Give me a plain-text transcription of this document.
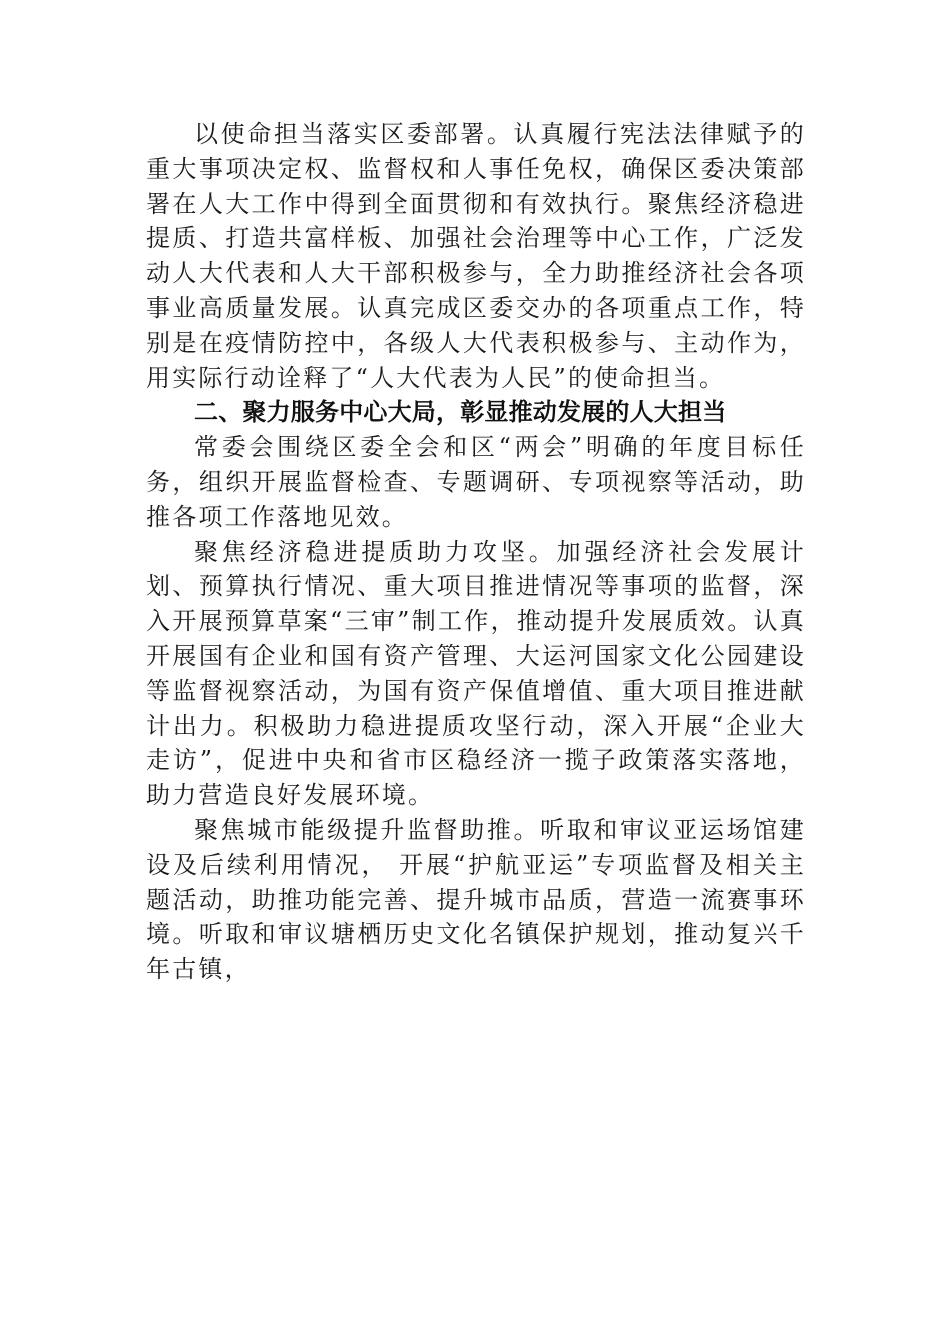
以使命担当落实区委部署。认真履行宪法法律赋予的重大事项决定权、监督权和人事任免权，确保区委决策部署在人大工作中得到全面贯彻和有效执行。聚焦经济稳进提质、打造共富样板、加强社会治理等中心工作，广泛发动人大代表和人大干部积极参与，全力助推经济社会各项事业高质量发展。认真完成区委交办的各项重点工作，特别是在疫情防控中，各级人大代表积极参与、主动作为，用实际行动诠释了“人大代表为人民”的使命担当。

二、聚力服务中心大局，彰显推动发展的人大担当

常委会围绕区委全会和区“两会”明确的年度目标任务，组织开展监督检查、专题调研、专项视察等活动，助推各项工作落地见效。

聚焦经济稳进提质助力攻坚。加强经济社会发展计划、预算执行情况、重大项目推进情况等事项的监督，深入开展预算草案“三审”制工作，推动提升发展质效。认真开展国有企业和国有资产管理、大运河国家文化公园建设等监督视察活动，为国有资产保值增值、重大项目推进献计出力。积极助力稳进提质攻坚行动，深入开展“企业大走访”，促进中央和省市区稳经济一揽子政策落实落地，助力营造良好发展环境。

聚焦城市能级提升监督助推。听取和审议亚运场馆建设及后续利用情况， 开展“护航亚运”专项监督及相关主题活动，助推功能完善、提升城市品质，营造一流赛事环境。听取和审议塘栖历史文化名镇保护规划，推动复兴千年古镇，
